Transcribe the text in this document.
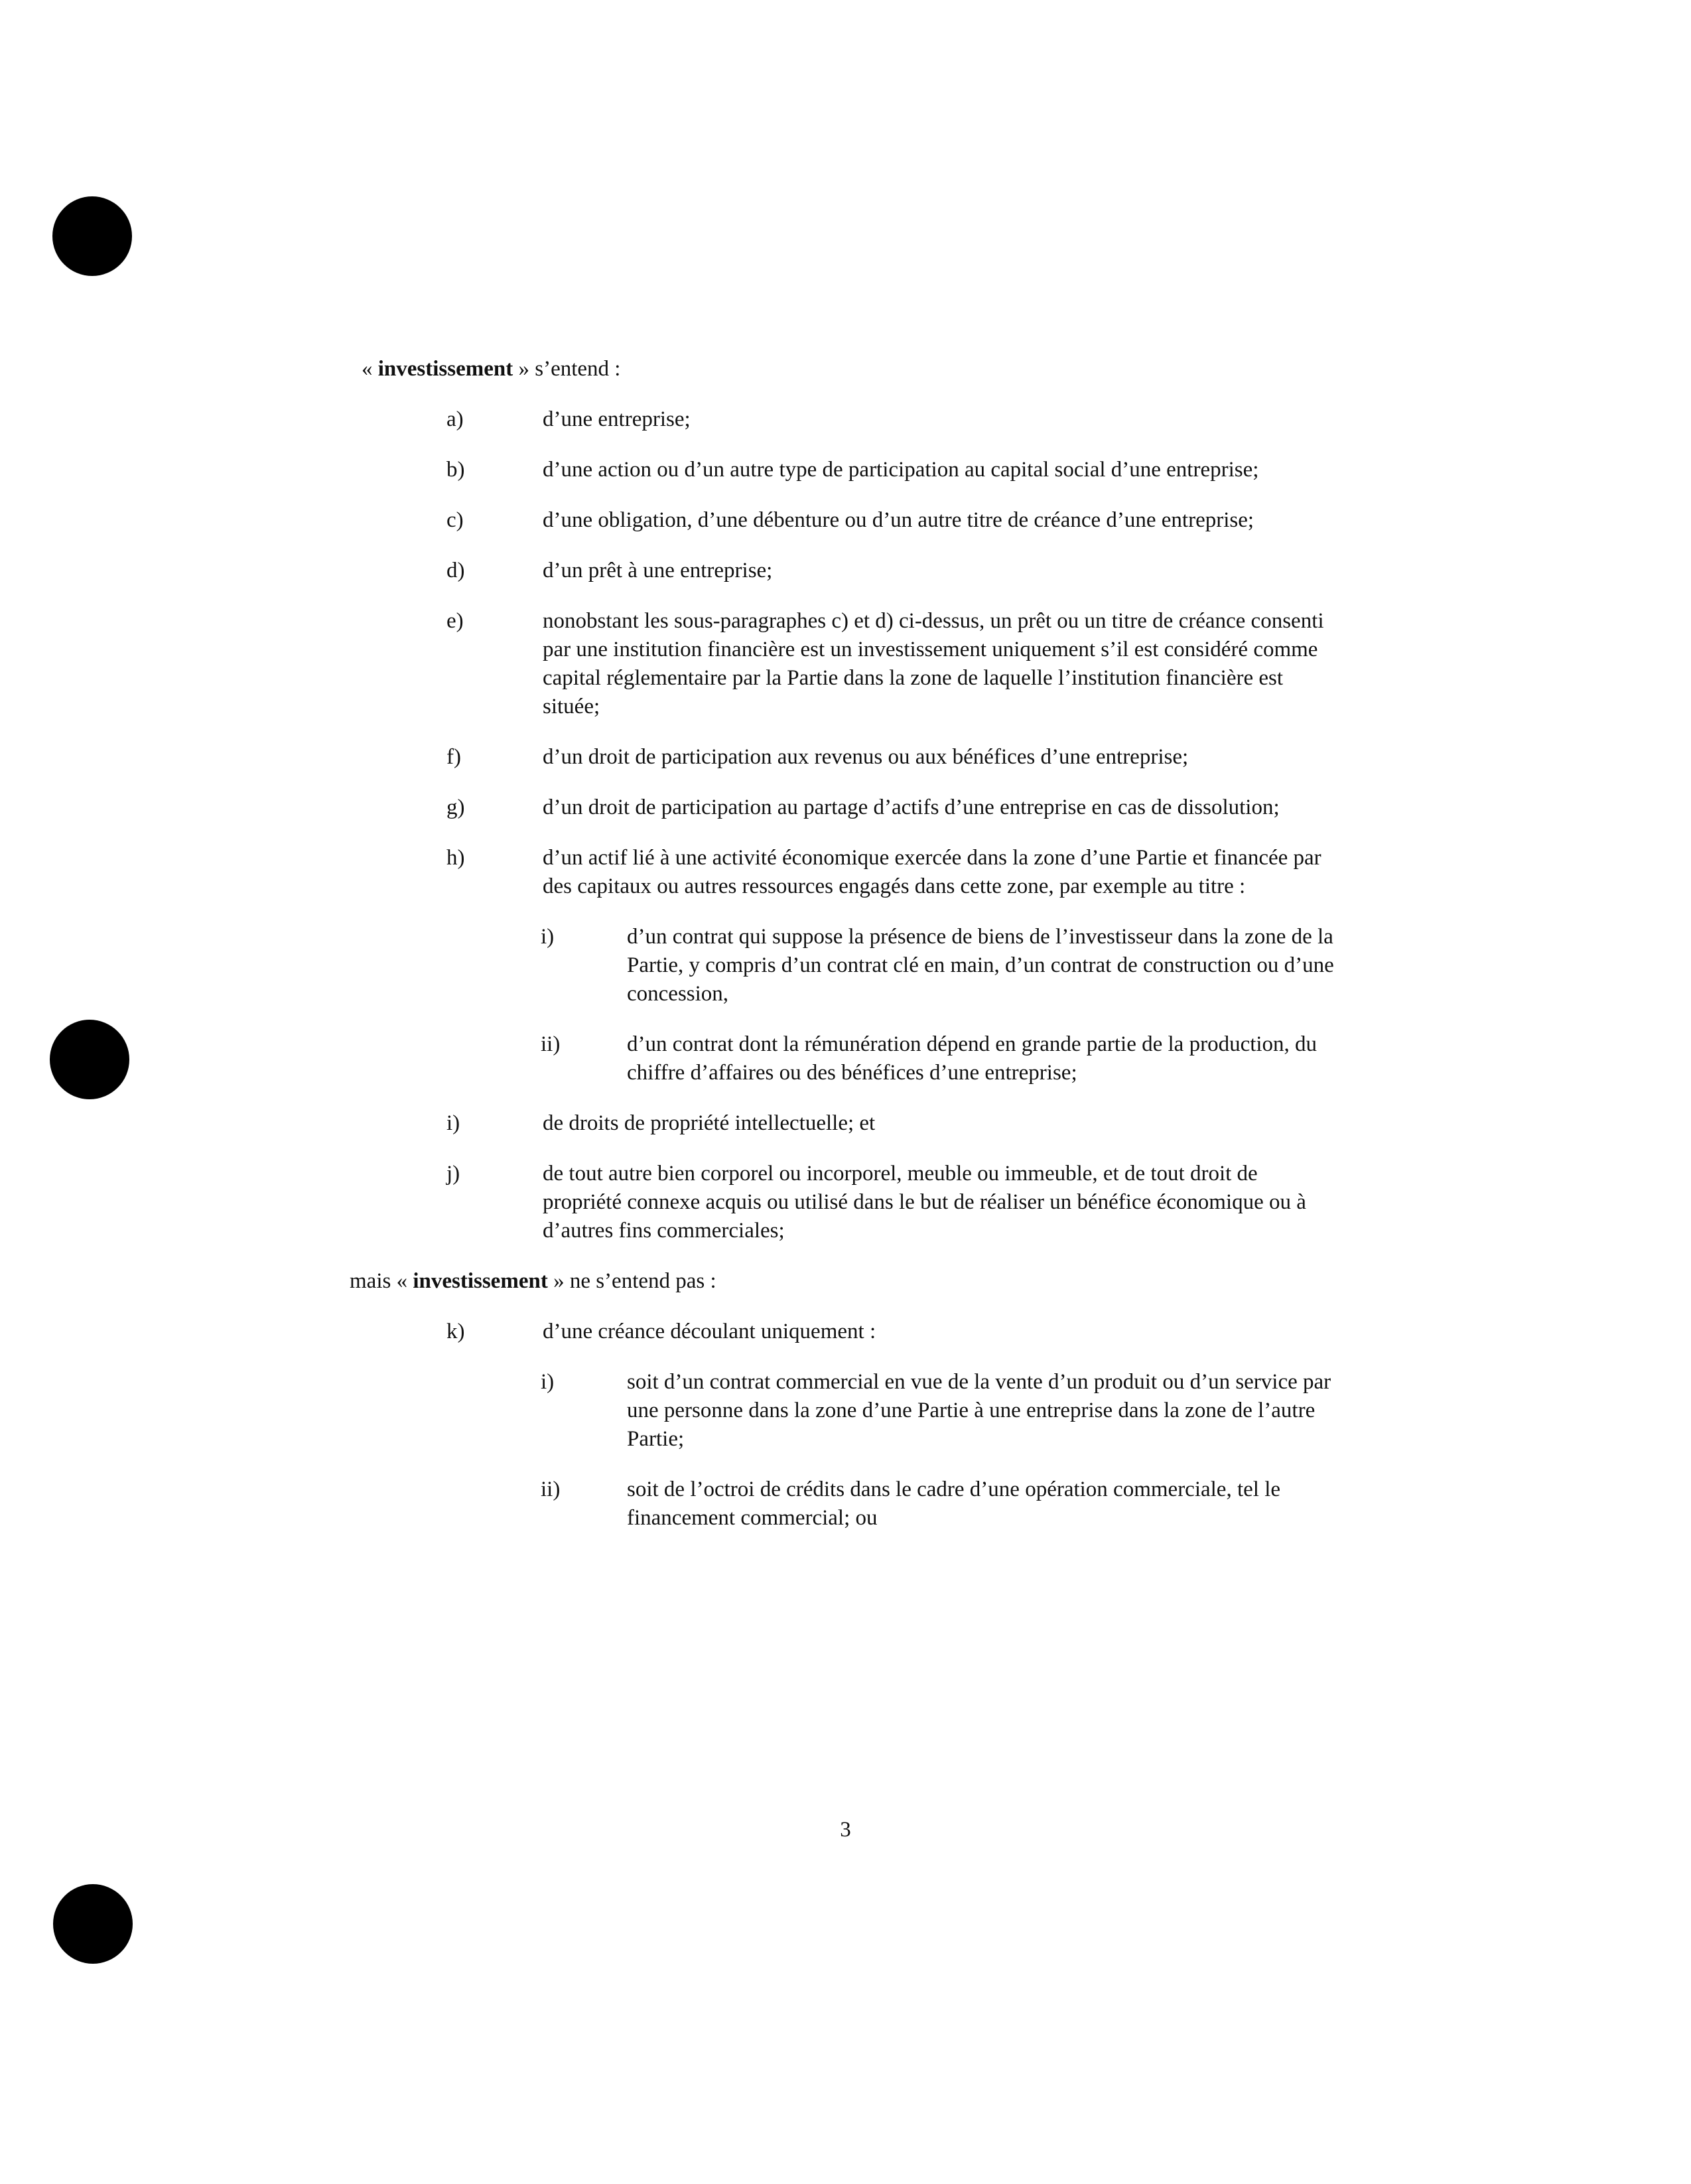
« investissement » s’entend :
a)	d’une entreprise;
b)	d’une action ou d’un autre type de participation au capital social d’une entreprise;
c)	d’une obligation, d’une débenture ou d’un autre titre de créance d’une entreprise;
d)	d’un prêt à une entreprise;
e)	nonobstant les sous-paragraphes c) et d) ci-dessus, un prêt ou un titre de créance consenti par une institution financière est un investissement uniquement s’il est considéré comme capital réglementaire par la Partie dans la zone de laquelle l’institution financière est située;
f)	d’un droit de participation aux revenus ou aux bénéfices d’une entreprise;
g)	d’un droit de participation au partage d’actifs d’une entreprise en cas de dissolution;
h)	d’un actif lié à une activité économique exercée dans la zone d’une Partie et financée par des capitaux ou autres ressources engagés dans cette zone, par exemple au titre :
i)	d’un contrat qui suppose la présence de biens de l’investisseur dans la zone de la Partie, y compris d’un contrat clé en main, d’un contrat de construction ou d’une concession,
ii)	d’un contrat dont la rémunération dépend en grande partie de la production, du chiffre d’affaires ou des bénéfices d’une entreprise;
i)	de droits de propriété intellectuelle; et
j)	de tout autre bien corporel ou incorporel, meuble ou immeuble, et de tout droit de propriété connexe acquis ou utilisé dans le but de réaliser un bénéfice économique ou à d’autres fins commerciales;
mais « investissement » ne s’entend pas :
k)	d’une créance découlant uniquement :
i)	soit d’un contrat commercial en vue de la vente d’un produit ou d’un service par une personne dans la zone d’une Partie à une entreprise dans la zone de l’autre Partie;
ii)	soit de l’octroi de crédits dans le cadre d’une opération commerciale, tel le financement commercial; ou
3
